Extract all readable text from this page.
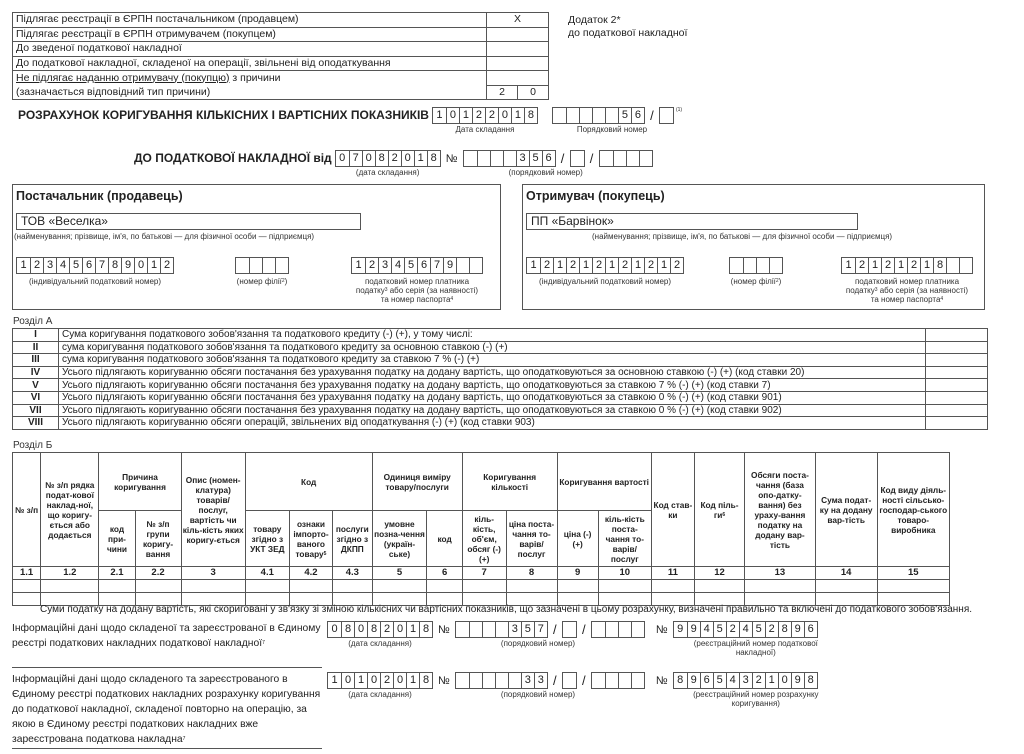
Підлягає реєстрації в ЄРПН постачальником (продавцем)	X
Підлягає реєстрації в ЄРПН отримувачем (покупцем)	
До зведеної податкової накладної	
До податкової накладної, складеної на операції, звільнені від оподаткування	
Не підлягає наданню отримувачу (покупцю) з причини	
(зазначається відповідний тип причини)	2 0
Додаток 2*
до податкової накладної
РОЗРАХУНОК КОРИГУВАННЯ КІЛЬКІСНИХ І ВАРТІСНИХ ПОКАЗНИКІВ 1 0 1 2 2 0 1 8
Дата складання
5 6 /	$^{(1)}$
Порядковий номер
ДО ПОДАТКОВОЇ НАКЛАДНОЇ від 0 7 0 8 2 0 1 8
(дата складання)
№	3 5 6 / /
(порядковий номер)
Постачальник (продавець)
ТОВ «Веселка»
(найменування; прізвище, ім'я, по батькові — для фізичної особи — підприємця)
1 2 3 4 5 6 7 8 9 0 1 2
(індивідуальний податковий номер)	(номер філії$^2$)
1 2 3 4 5 6 7 9
податковий номер платника
податку$^3$ або серія (за наявності)
та номер паспорта$^4$
Отримувач (покупець)
ПП «Барвінок»
(найменування; прізвище, ім'я, по батькові — для фізичної особи — підприємця)
1 2 1 2 1 2 1 2 1 2 1 2
(індивідуальний податковий номер)	(номер філії$^2$)
1 2 1 2 1 2 1 8
податковий номер платника
податку$^3$ або серія (за наявності)
та номер паспорта$^4$
Розділ А
I	Сума коригування податкового зобов'язання та податкового кредиту (-) (+), у тому числі:	
II	сума коригування податкового зобов'язання та податкового кредиту за основною ставкою (-) (+)	
III	сума коригування податкового зобов'язання та податкового кредиту за ставкою 7 % (-) (+)	
IV	Усього підлягають коригуванню обсяги постачання без урахування податку на додану вартість, що оподатковуються за основною ставкою (-) (+) (код ставки 20)	
V	Усього підлягають коригуванню обсяги постачання без урахування податку на додану вартість, що оподатковуються за ставкою 7 % (-) (+) (код ставки 7)	
VI	Усього підлягають коригуванню обсяги постачання без урахування податку на додану вартість, що оподатковуються за ставкою 0 % (-) (+) (код ставки 901)	
VII	Усього підлягають коригуванню обсяги постачання без урахування податку на додану вартість, що оподатковуються за ставкою 0 % (-) (+) (код ставки 902)	
VIII	Усього підлягають коригуванню обсяги операцій, звільнених від оподаткування (-) (+) (код ставки 903)	
Розділ Б
№ з/п	№ з/п рядка подат-кової наклад-ної, що коригу-ється або додається	Причина коригування		Опис (номен-клатура) товарів/ послуг, вартість чи кіль-кість яких коригу-ється	Код			Одиниця виміру товару/послуги		Коригування кількості		Коригування вартості		Код став-ки	Код піль-$ги^6$	Обсяги поста-чання (база опо-датку-вання) без ураху-вання податку на додану вар-тість	Сума подат-ку на додану вар-тість	Код виду діяль-ності сільсько-господар-ського товаро-виробника
		код при-чини	№ з/п групи коригу-вання		товару згідно з УКТ ЗЕД	ознаки імпорто-ваного товару$^5$	послуги згідно з ДКПП	умовне позна-чення (україн-ське)	код	кіль-кість, об'єм, обсяг (-) (+)	ціна поста-чання то-варів/ послуг	ціна (-) (+)	кіль-кість поста-чання то-варів/ послуг					
1.1	1.2	2.1	2.2	3	4.1	4.2	4.3	5	6	7	8	9	10	11	12	13	14	15

Суми податку на додану вартість, які скориговані у зв'язку зі зміною кількісних чи вартісних показників, що зазначені в цьому розрахунку, визначені правильно та включені до податкового зобов'язання.
Інформаційні дані щодо складеної та зареєстрованої в Єдиному реєстрі податкових накладних податкової накладної$^7$
0 8 0 8 2 0 1 8
(дата складання)
№	3 5 7 / /
(порядковий номер)
№ 9 9 4 5 2 4 5 2 8 9 6
(реєстраційний номер податкової
накладної)
Інформаційні дані щодо складеного та зареєстрованого в Єдиному реєстрі податкових накладних розрахунку коригування до податкової накладної, складеної повторно на операцію, за якою в Єдиному реєстрі податкових накладних вже зареєстрована податкова накладна$^7$
1 0 1 0 2 0 1 8
(дата складання)
№	3 3 / /
(порядковий номер)
№ 8 9 6 5 4 3 2 1 0 9 8
(реєстраційний номер розрахунку
коригування)
